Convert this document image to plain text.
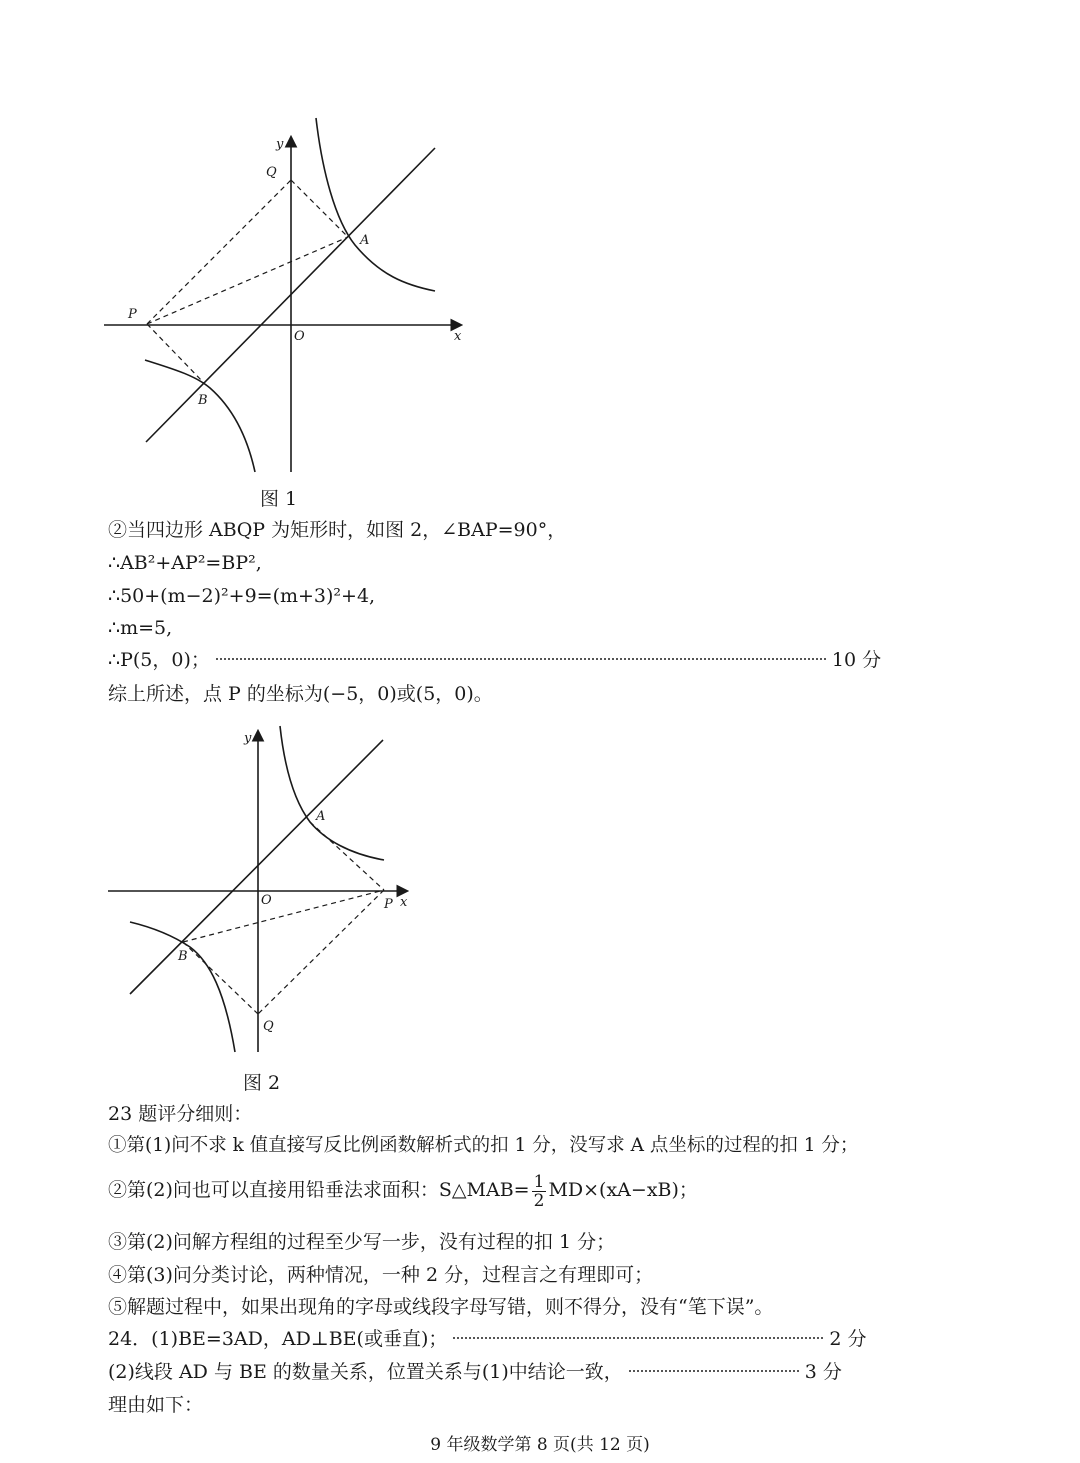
y
x
O
Q
A
P
B
图 1
②当四边形 ABQP 为矩形时，如图 2，∠BAP=90°，
∴AB²+AP²=BP²,
∴50+(m−2)²+9=(m+3)²+4,
∴m=5,
∴P(5，0)；	10 分
综上所述，点 P 的坐标为(−5，0)或(5，0)。
y
x
O
A
P
B
Q
图 2
23 题评分细则：
①第(1)问不求 k 值直接写反比例函数解析式的扣 1 分，没写求 A 点坐标的过程的扣 1 分；
②第(2)问也可以直接用铅垂法求面积：S△MAB= $\frac{1}{2} MD\times(xA-xB)$；
③第(2)问解方程组的过程至少写一步，没有过程的扣 1 分；
④第(3)问分类讨论，两种情况，一种 2 分，过程言之有理即可；
⑤解题过程中，如果出现角的字母或线段字母写错，则不得分，没有“笔下误”。
24．(1)BE=3AD，AD⊥BE(或垂直)；	2 分
(2)线段 AD 与 BE 的数量关系，位置关系与(1)中结论一致，	3 分
理由如下：
9 年级数学第 8 页(共 12 页)
